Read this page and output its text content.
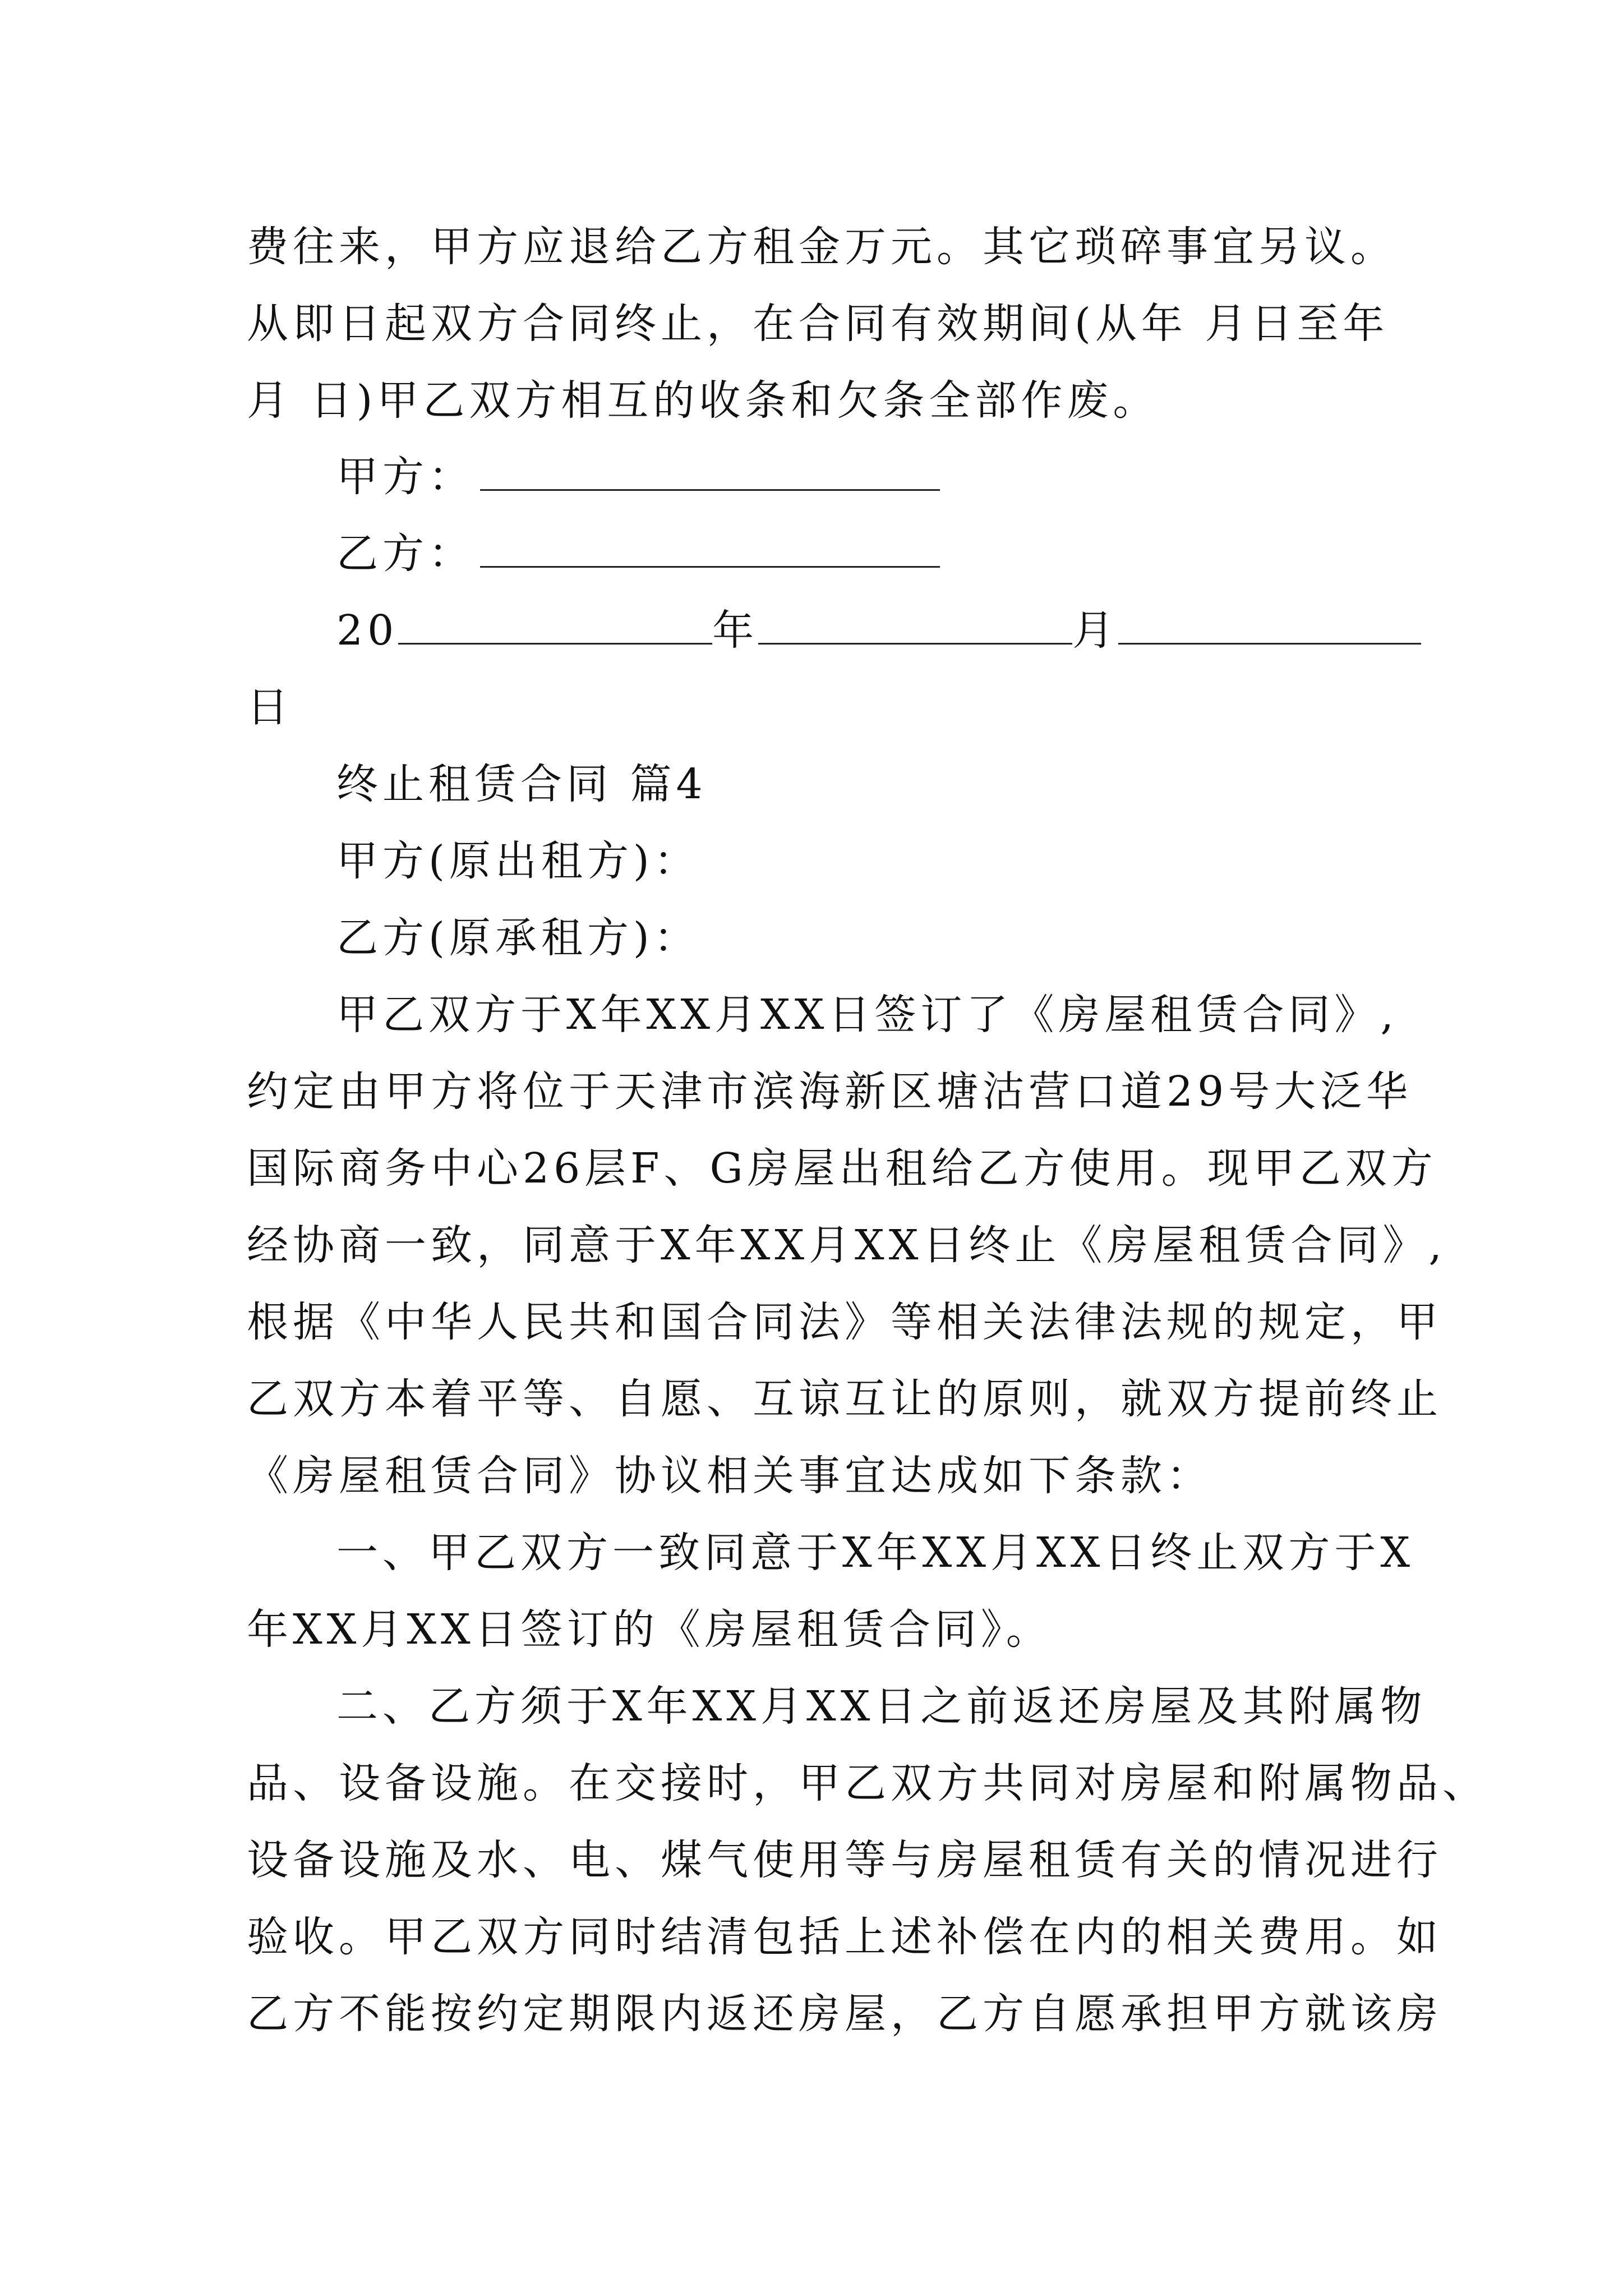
费往来，甲方应退给乙方租金万元。其它琐碎事宜另议。
从即日起双方合同终止，在合同有效期间(从年 月日至年
月 日)甲乙双方相互的收条和欠条全部作废。
甲方：
乙方：
20	年	月
日
终止租赁合同 篇4
甲方(原出租方)：
乙方(原承租方)：
甲乙双方于X年XX月XX日签订了《房屋租赁合同》,
约定由甲方将位于天津市滨海新区塘沽营口道29号大泛华
国际商务中心26层F、G房屋出租给乙方使用。现甲乙双方
经协商一致，同意于X年XX月XX日终止《房屋租赁合同》,
根据《中华人民共和国合同法》等相关法律法规的规定，甲
乙双方本着平等、自愿、互谅互让的原则，就双方提前终止
《房屋租赁合同》协议相关事宜达成如下条款：
一、甲乙双方一致同意于X年XX月XX日终止双方于X
年XX月XX日签订的《房屋租赁合同》。
二、乙方须于X年XX月XX日之前返还房屋及其附属物
品、设备设施。在交接时，甲乙双方共同对房屋和附属物品、
设备设施及水、电、煤气使用等与房屋租赁有关的情况进行
验收。甲乙双方同时结清包括上述补偿在内的相关费用。如
乙方不能按约定期限内返还房屋，乙方自愿承担甲方就该房
